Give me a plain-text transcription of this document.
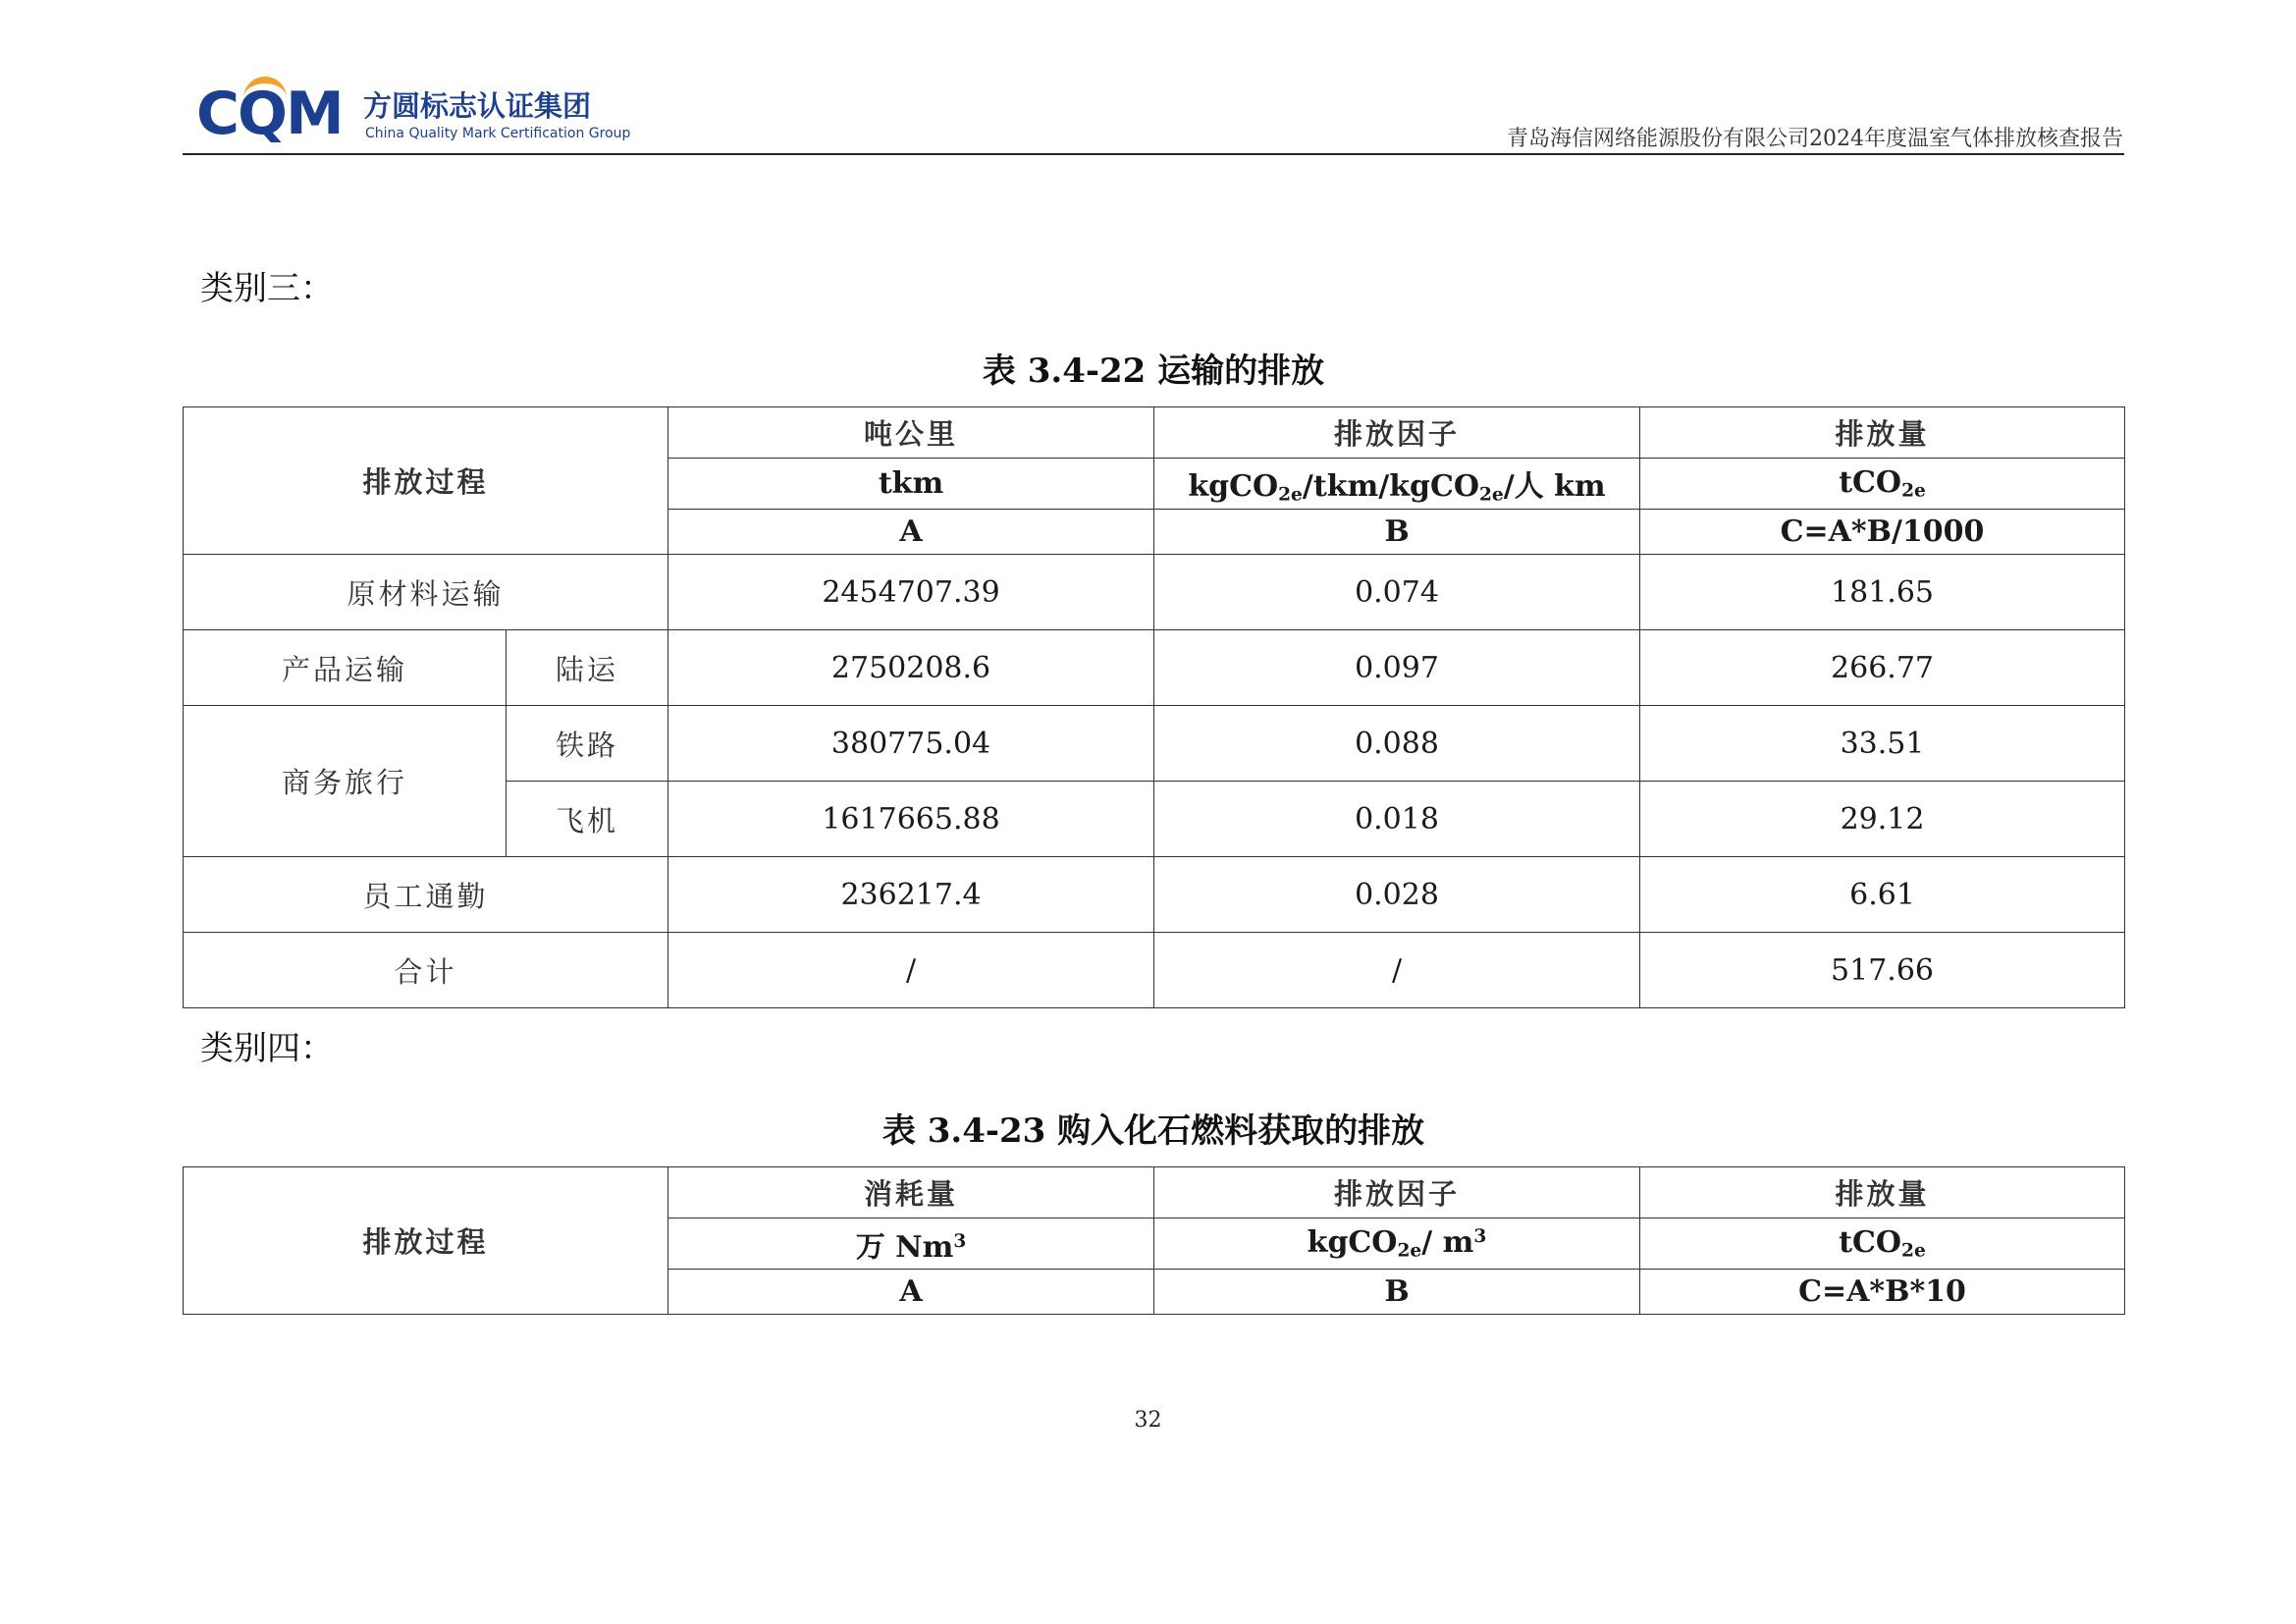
CQM 方圆标志认证集团
China Quality Mark Certification Group	青岛海信网络能源股份有限公司2024年度温室气体排放核查报告
类别三：
表 3.4-22 运输的排放
排放过程		吨公里	排放因子	排放量
		tkm	kgCO$_{2e}$/tkm/kgCO$_{2e}$/人 km	tCO$_{2e}$
		A	B	C=A*B/1000
原材料运输		2454707.39	0.074	181.65
产品运输	陆运	2750208.6	0.097	266.77
商务旅行	铁路	380775.04	0.088	33.51
	飞机	1617665.88	0.018	29.12
员工通勤		236217.4	0.028	6.61
合计		/	/	517.66
类别四：
表 3.4-23 购入化石燃料获取的排放
排放过程	消耗量	排放因子	排放量
	万 Nm$^3$	kgCO$_{2e}$/ $m^3$	tCO$_{2e}$
	A	B	C=A*B*10
32
